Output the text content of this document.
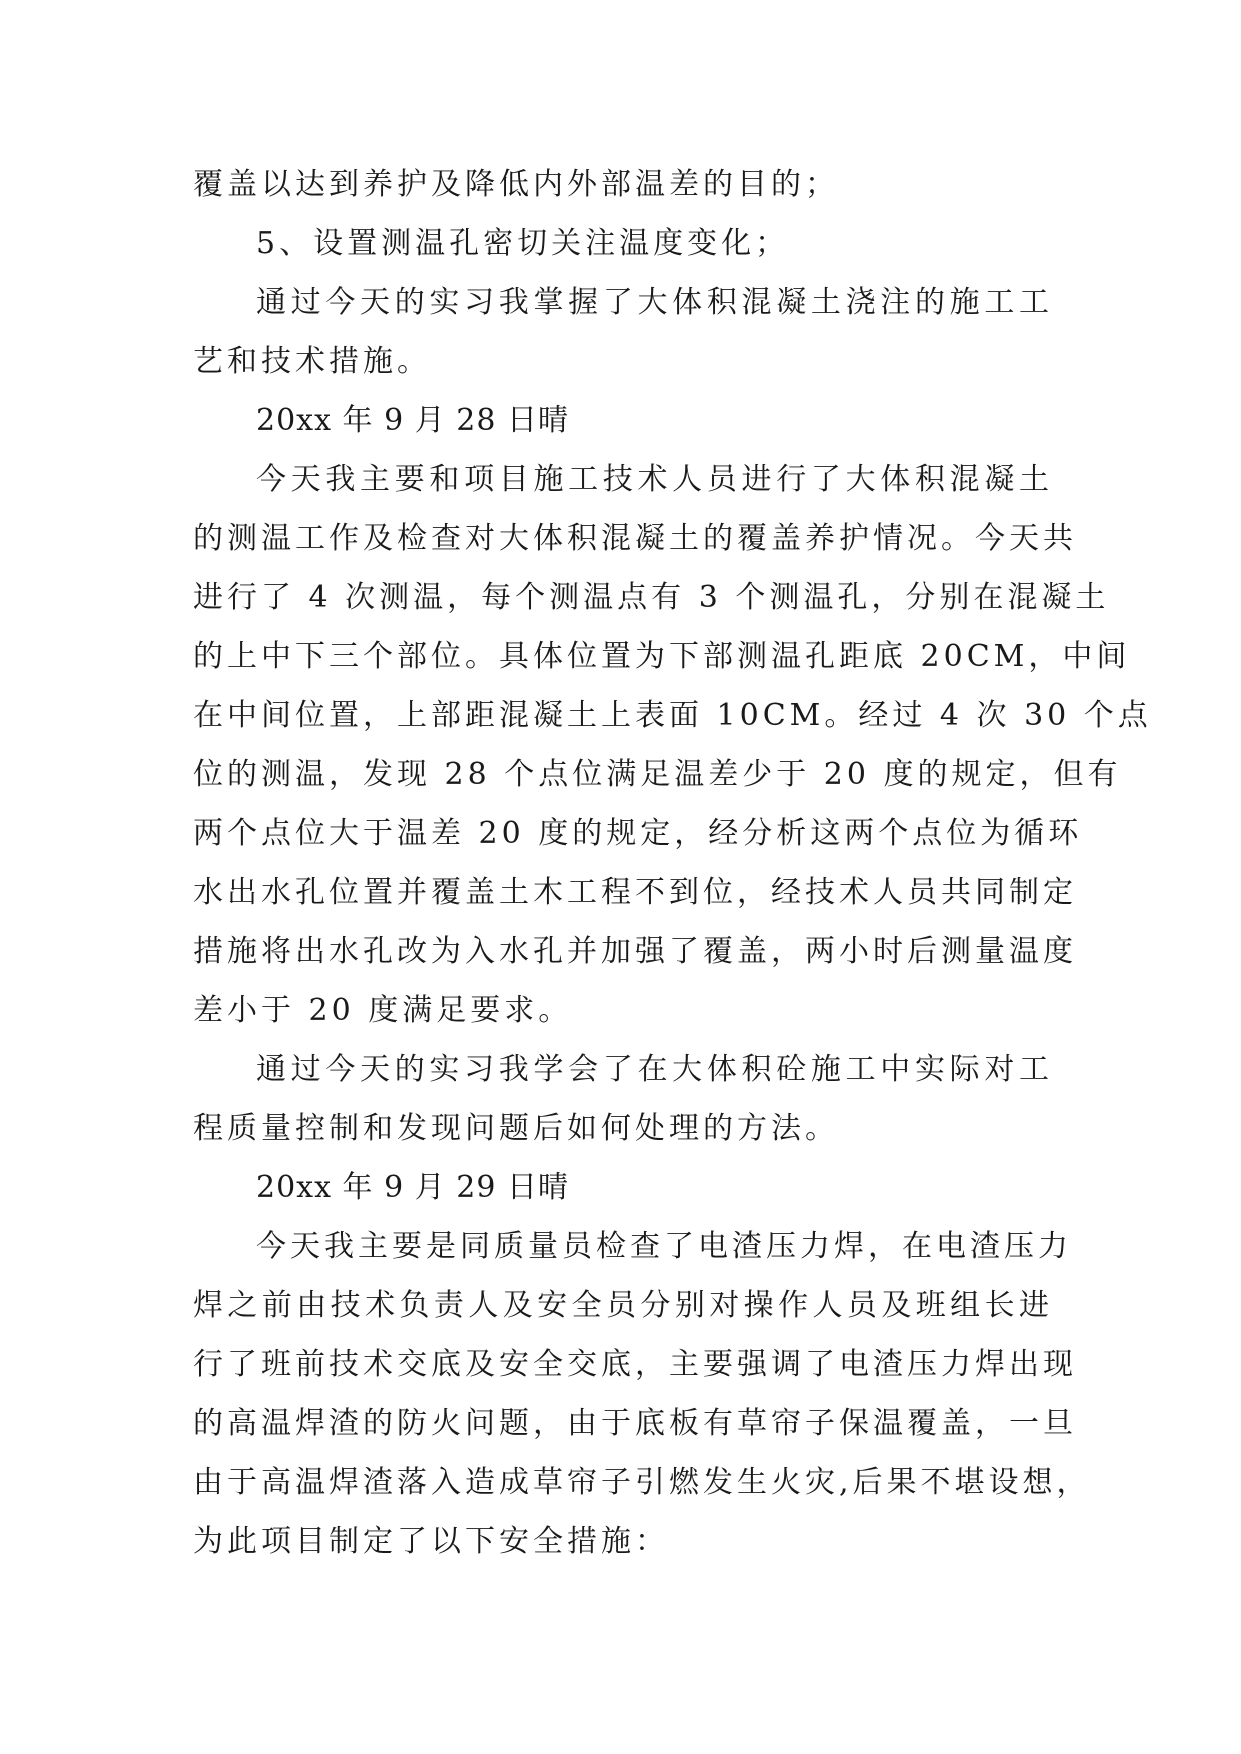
覆盖以达到养护及降低内外部温差的目的；
5、设置测温孔密切关注温度变化；
通过今天的实习我掌握了大体积混凝土浇注的施工工
艺和技术措施。
20xx 年 9 月 28 日晴
今天我主要和项目施工技术人员进行了大体积混凝土
的测温工作及检查对大体积混凝土的覆盖养护情况。今天共
进行了 4 次测温，每个测温点有 3 个测温孔，分别在混凝土
的上中下三个部位。具体位置为下部测温孔距底 20CM，中间
在中间位置，上部距混凝土上表面 10CM。经过 4 次 30 个点
位的测温，发现 28 个点位满足温差少于 20 度的规定，但有
两个点位大于温差 20 度的规定，经分析这两个点位为循环
水出水孔位置并覆盖土木工程不到位，经技术人员共同制定
措施将出水孔改为入水孔并加强了覆盖，两小时后测量温度
差小于 20 度满足要求。
通过今天的实习我学会了在大体积砼施工中实际对工
程质量控制和发现问题后如何处理的方法。
20xx 年 9 月 29 日晴
今天我主要是同质量员检查了电渣压力焊，在电渣压力
焊之前由技术负责人及安全员分别对操作人员及班组长进
行了班前技术交底及安全交底，主要强调了电渣压力焊出现
的高温焊渣的防火问题，由于底板有草帘子保温覆盖，一旦
由于高温焊渣落入造成草帘子引燃发生火灾,后果不堪设想，
为此项目制定了以下安全措施：
